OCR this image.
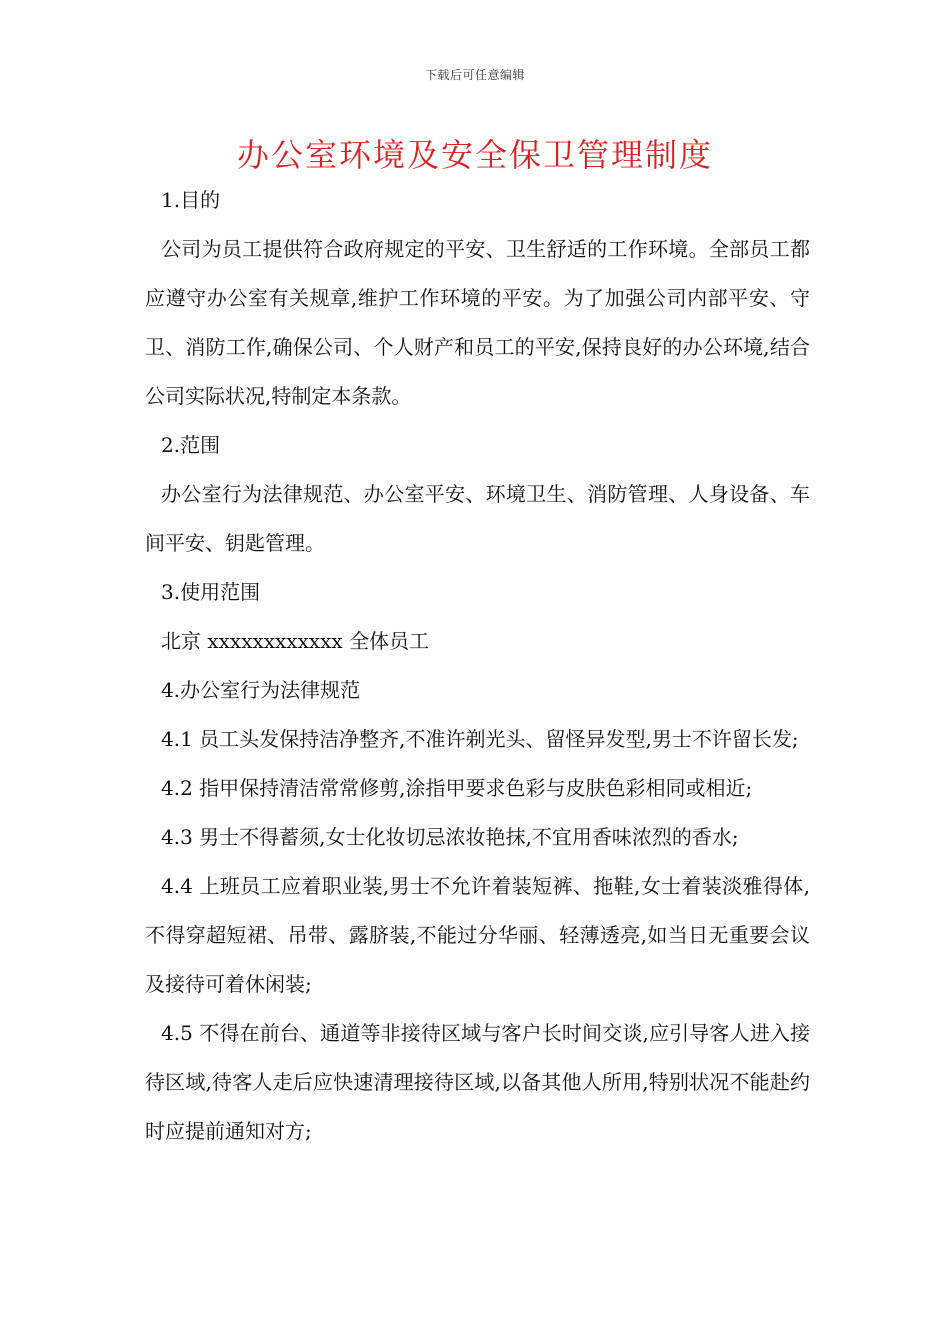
下载后可任意编辑
办公室环境及安全保卫管理制度

1.目的

公司为员工提供符合政府规定的平安、卫生舒适的工作环境。全部员工都应遵守办公室有关规章,维护工作环境的平安。为了加强公司内部平安、守卫、消防工作,确保公司、个人财产和员工的平安,保持良好的办公环境,结合公司实际状况,特制定本条款。

2.范围

办公室行为法律规范、办公室平安、环境卫生、消防管理、人身设备、车间平安、钥匙管理。

3.使用范围

北京 xxxxxxxxxxxx 全体员工

4.办公室行为法律规范

4.1 员工头发保持洁净整齐,不准许剃光头、留怪异发型,男士不许留长发;

4.2 指甲保持清洁常常修剪,涂指甲要求色彩与皮肤色彩相同或相近;

4.3 男士不得蓄须,女士化妆切忌浓妆艳抹,不宜用香味浓烈的香水;

4.4 上班员工应着职业装,男士不允许着装短裤、拖鞋,女士着装淡雅得体,不得穿超短裙、吊带、露脐装,不能过分华丽、轻薄透亮,如当日无重要会议及接待可着休闲装;

4.5 不得在前台、通道等非接待区域与客户长时间交谈,应引导客人进入接待区域,待客人走后应快速清理接待区域,以备其他人所用,特别状况不能赴约时应提前通知对方;
